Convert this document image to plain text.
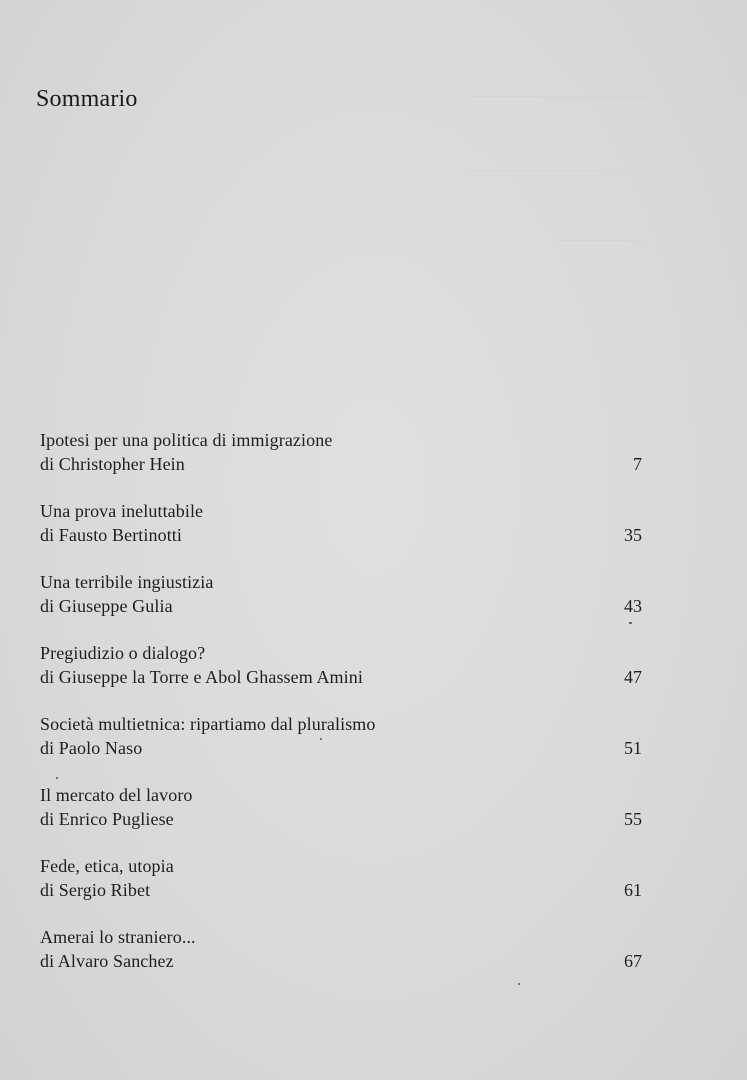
Sommario
Ipotesi per una politica di immigrazione
di Christopher Hein	7
Una prova ineluttabile
di Fausto Bertinotti	35
Una terribile ingiustizia
di Giuseppe Gulia	43
Pregiudizio o dialogo?
di Giuseppe la Torre e Abol Ghassem Amini	47
Società multietnica: ripartiamo dal pluralismo
di Paolo Naso	51
Il mercato del lavoro
di Enrico Pugliese	55
Fede, etica, utopia
di Sergio Ribet	61
Amerai lo straniero...
di Alvaro Sanchez	67
